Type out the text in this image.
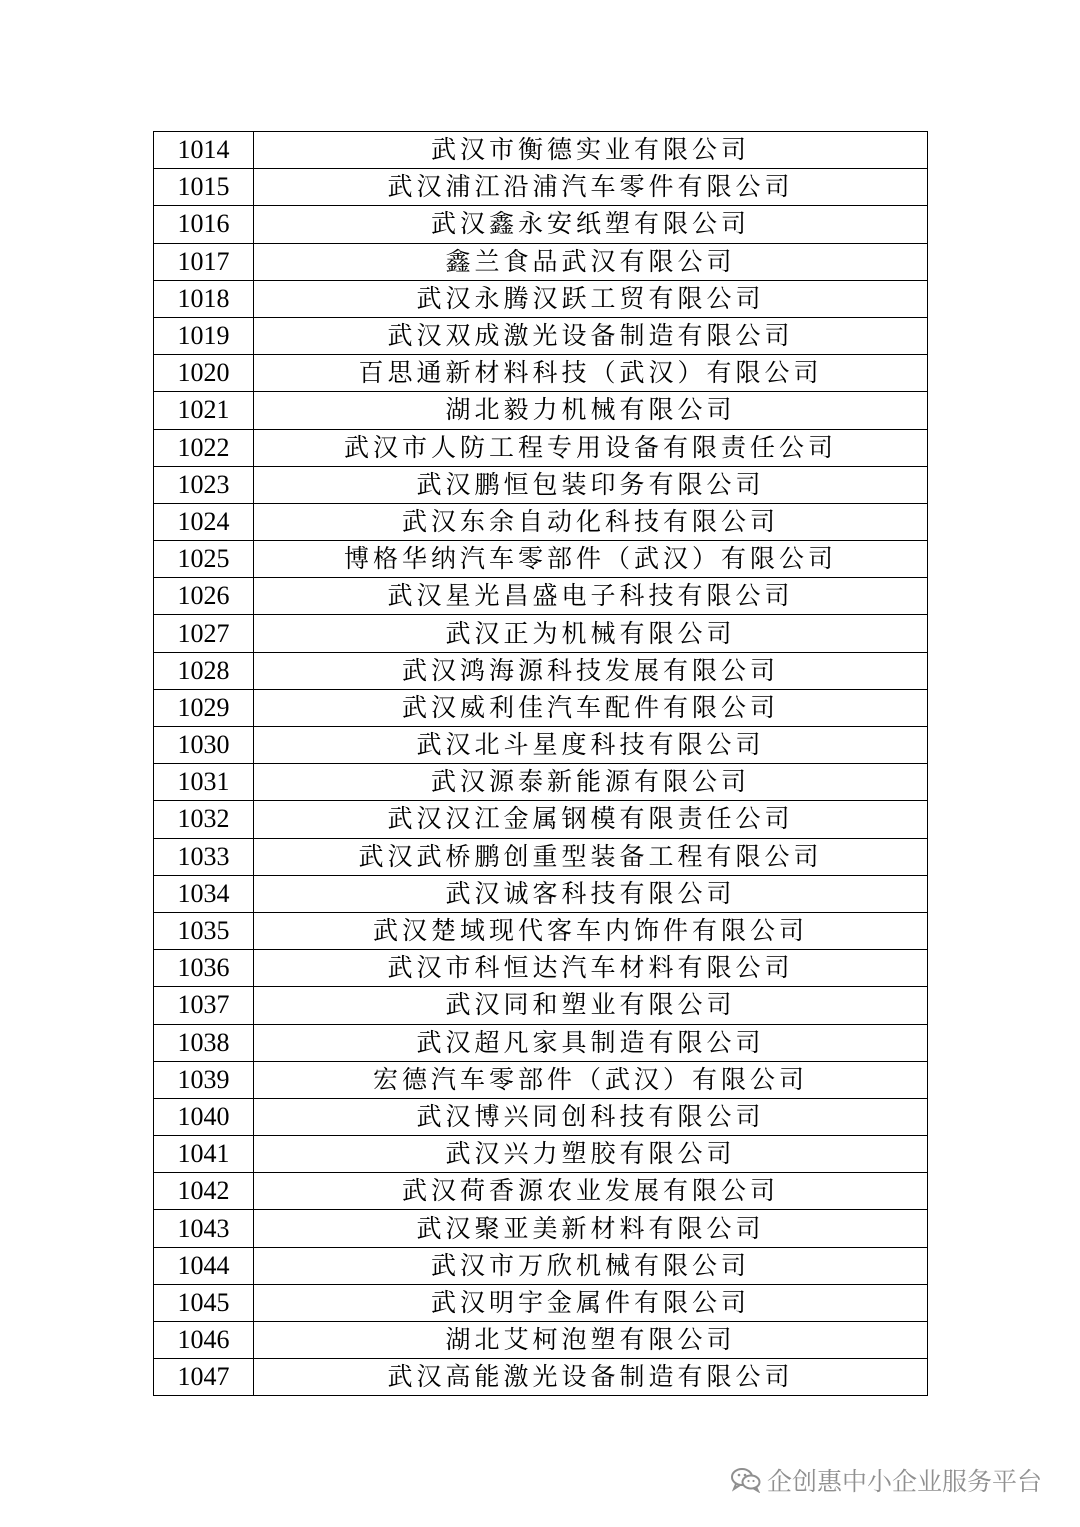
1014	武汉市衡德实业有限公司
1015	武汉浦江沿浦汽车零件有限公司
1016	武汉鑫永安纸塑有限公司
1017	鑫兰食品武汉有限公司
1018	武汉永腾汉跃工贸有限公司
1019	武汉双成激光设备制造有限公司
1020	百思通新材料科技（武汉）有限公司
1021	湖北毅力机械有限公司
1022	武汉市人防工程专用设备有限责任公司
1023	武汉鹏恒包装印务有限公司
1024	武汉东余自动化科技有限公司
1025	博格华纳汽车零部件（武汉）有限公司
1026	武汉星光昌盛电子科技有限公司
1027	武汉正为机械有限公司
1028	武汉鸿海源科技发展有限公司
1029	武汉威利佳汽车配件有限公司
1030	武汉北斗星度科技有限公司
1031	武汉源泰新能源有限公司
1032	武汉汉江金属钢模有限责任公司
1033	武汉武桥鹏创重型装备工程有限公司
1034	武汉诚客科技有限公司
1035	武汉楚域现代客车内饰件有限公司
1036	武汉市科恒达汽车材料有限公司
1037	武汉同和塑业有限公司
1038	武汉超凡家具制造有限公司
1039	宏德汽车零部件（武汉）有限公司
1040	武汉博兴同创科技有限公司
1041	武汉兴力塑胶有限公司
1042	武汉荷香源农业发展有限公司
1043	武汉聚亚美新材料有限公司
1044	武汉市万欣机械有限公司
1045	武汉明宇金属件有限公司
1046	湖北艾柯泡塑有限公司
1047	武汉高能激光设备制造有限公司
企创惠中小企业服务平台
